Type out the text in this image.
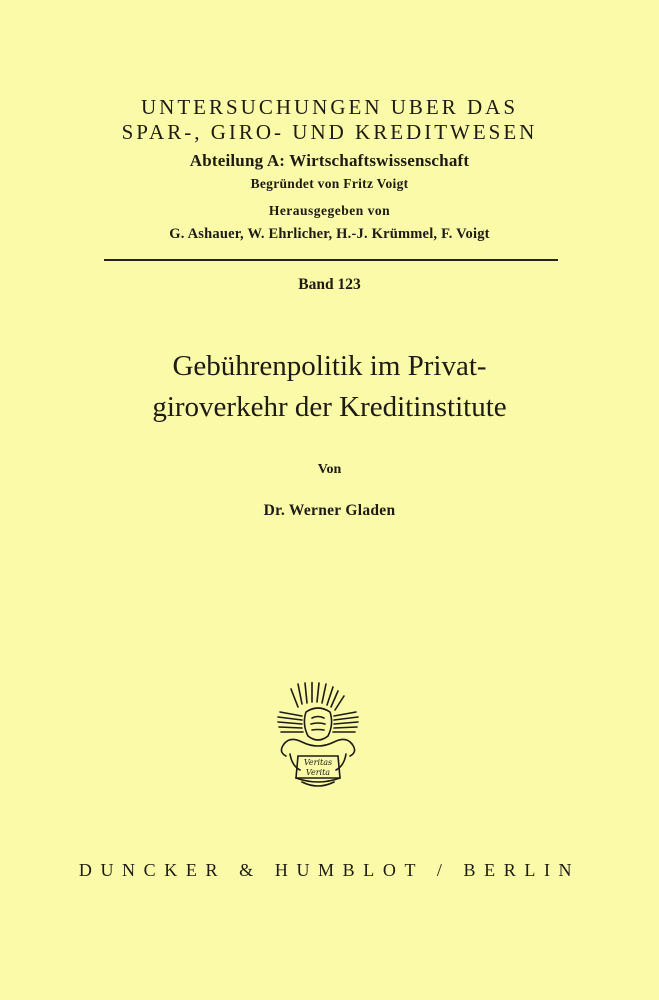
UNTERSUCHUNGEN UBER DAS
SPAR-, GIRO- UND KREDITWESEN
Abteilung A: Wirtschaftswissenschaft
Begründet von Fritz Voigt
Herausgegeben von
G. Ashauer, W. Ehrlicher, H.-J. Krümmel, F. Voigt
Band 123
Gebührenpolitik im Privat-
giroverkehr der Kreditinstitute
Von
Dr. Werner Gladen
Veritas
Verita
DUNCKER & HUMBLOT / BERLIN
